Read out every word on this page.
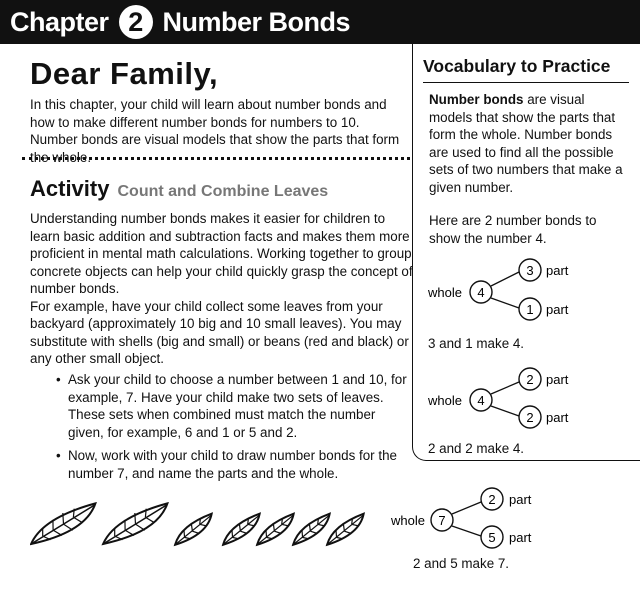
Chapter 2 Number Bonds
Dear Family,
In this chapter, your child will learn about number bonds and how to make different number bonds for numbers to 10. Number bonds are visual models that show the parts that form the whole.
Activity Count and Combine Leaves

Understanding number bonds makes it easier for children to learn basic addition and subtraction facts and makes them more proficient in mental math calculations. Working together to group concrete objects can help your child quickly grasp the concept of number bonds.

For example, have your child collect some leaves from your backyard (approximately 10 big and 10 small leaves). You may substitute with shells (big and small) or beans (red and black) or any other small object.

• Ask your child to choose a number between 1 and 10, for example, 7. Have your child make two sets of leaves. These sets when combined must match the number given, for example, 6 and 1 or 5 and 2.
• Now, work with your child to draw number bonds for the number 7, and name the parts and the whole.
Vocabulary to Practice
Number bonds are visual models that show the parts that form the whole. Number bonds are used to find all the possible sets of two numbers that make a given number.
Here are 2 number bonds to show the number 4.
whole 4
3 part
1 part
3 and 1 make 4.
whole 4
2 part
2 part
2 and 2 make 4.
whole 7
2 part
5 part
2 and 5 make 7.
